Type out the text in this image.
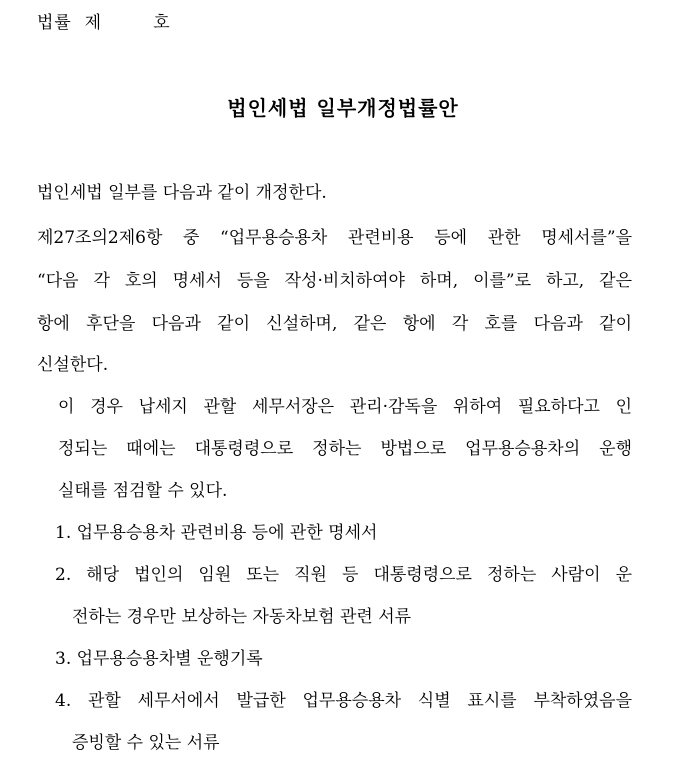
법률  제        호
법인세법 일부개정법률안
법인세법 일부를 다음과 같이 개정한다.
제27조의2제6항 중 “업무용승용차 관련비용 등에 관한 명세서를”을
“다음 각 호의 명세서 등을 작성·비치하여야 하며, 이를”로 하고, 같은
항에 후단을 다음과 같이 신설하며, 같은 항에 각 호를 다음과 같이
신설한다.
이 경우 납세지 관할 세무서장은 관리·감독을 위하여 필요하다고 인
정되는 때에는 대통령령으로 정하는 방법으로 업무용승용차의 운행
실태를 점검할 수 있다.
1. 업무용승용차 관련비용 등에 관한 명세서
2. 해당 법인의 임원 또는 직원 등 대통령령으로 정하는 사람이 운
전하는 경우만 보상하는 자동차보험 관련 서류
3. 업무용승용차별 운행기록
4. 관할 세무서에서 발급한 업무용승용차 식별 표시를 부착하였음을
증빙할 수 있는 서류
